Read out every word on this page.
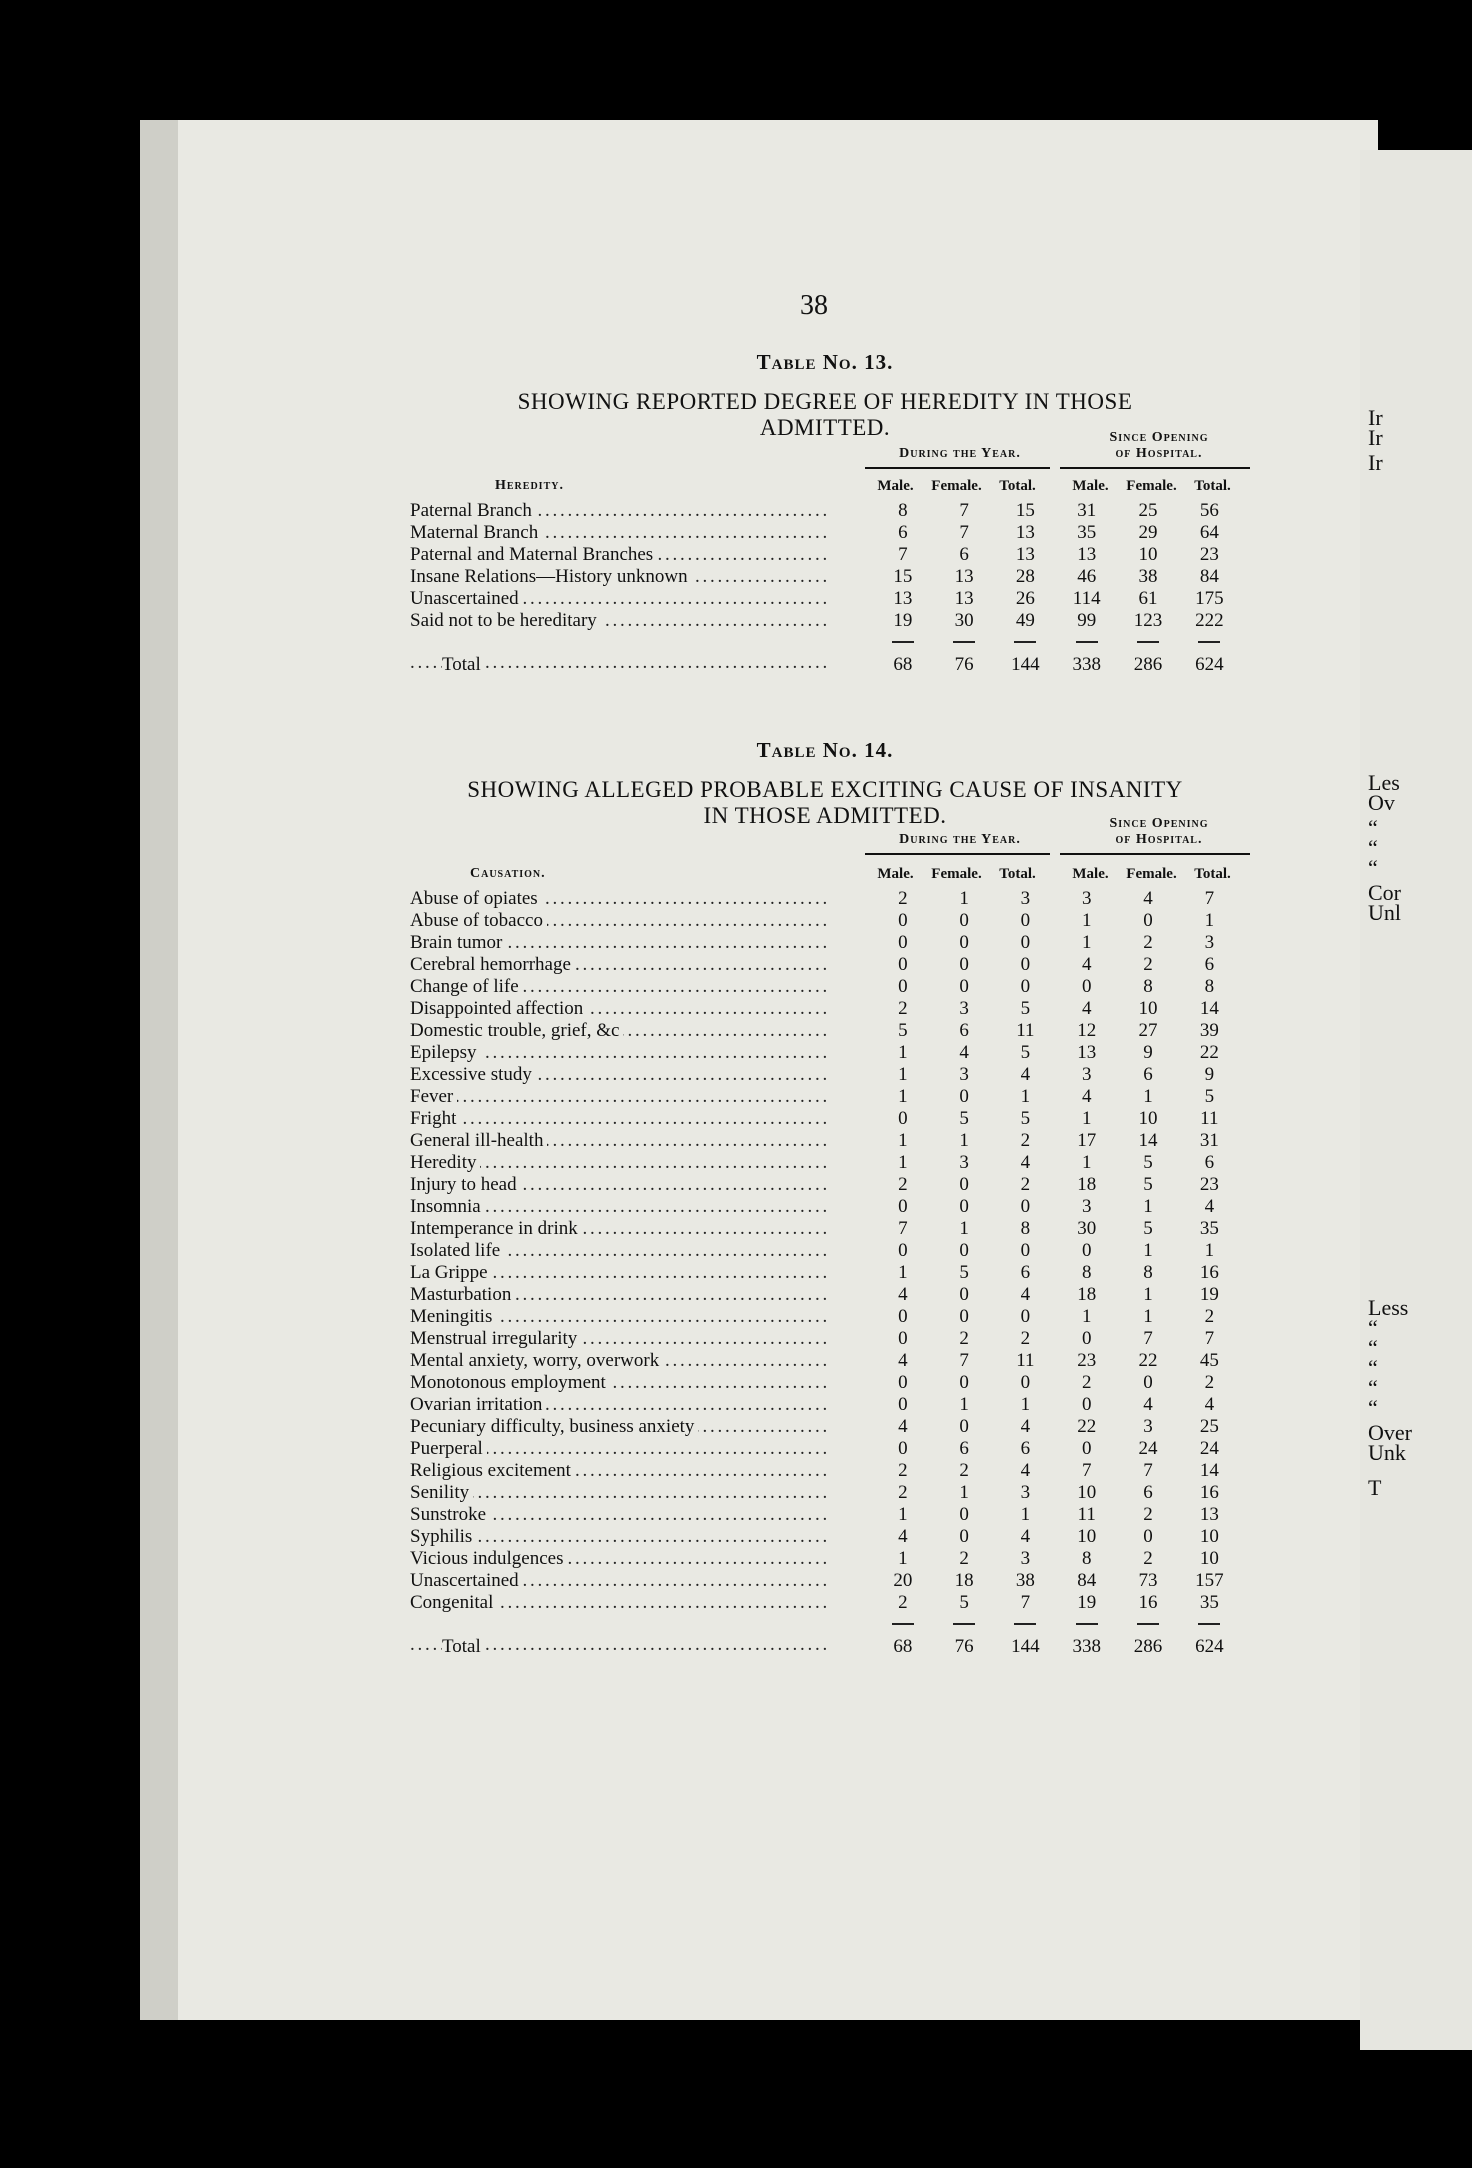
Ir
Ir
Ir
Les
Ov
“
“
“
Cor
Unl
Less
“
“
“
“
“
Over
Unk
T
38
Table No. 13.
SHOWING REPORTED DEGREE OF HEREDITY IN THOSE
ADMITTED.	Since Opening
of Hospital.
During the Year.
Heredity.	Male.	Female.	Total.	Male.	Female.	Total.
Paternal Branch . . .	8	7	15	31	25	56
Maternal Branch . . .	6	7	13	35	29	64
Paternal and Maternal Branches . . .	7	6	13	13	10	23
Insane Relations—History unknown . . .	15	13	28	46	38	84
Unascertained . . .	13	13	26	114	61	175
Said not to be hereditary . . .	19	30	49	99	123	222

Total . . .	68	76	144	338	286	624
Table No. 14.
SHOWING ALLEGED PROBABLE EXCITING CAUSE OF INSANITY
IN THOSE ADMITTED.	Since Opening
of Hospital.
During the Year.
Causation.	Male.	Female.	Total.	Male.	Female.	Total.
Abuse of opiates . . .	2	1	3	3	4	7
Abuse of tobacco . . .	0	0	0	1	0	1
Brain tumor . . .	0	0	0	1	2	3
Cerebral hemorrhage . . .	0	0	0	4	2	6
Change of life . . .	0	0	0	0	8	8
Disappointed affection . . .	2	3	5	4	10	14
Domestic trouble, grief, &c . . .	5	6	11	12	27	39
Epilepsy . . .	1	4	5	13	9	22
Excessive study . . .	1	3	4	3	6	9
Fever . . .	1	0	1	4	1	5
Fright . . .	0	5	5	1	10	11
General ill-health . . .	1	1	2	17	14	31
Heredity . . .	1	3	4	1	5	6
Injury to head . . .	2	0	2	18	5	23
Insomnia . . .	0	0	0	3	1	4
Intemperance in drink . . .	7	1	8	30	5	35
Isolated life . . .	0	0	0	0	1	1
La Grippe . . .	1	5	6	8	8	16
Masturbation . . .	4	0	4	18	1	19
Meningitis . . .	0	0	0	1	1	2
Menstrual irregularity . . .	0	2	2	0	7	7
Mental anxiety, worry, overwork . . .	4	7	11	23	22	45
Monotonous employment . . .	0	0	0	2	0	2
Ovarian irritation . . .	0	1	1	0	4	4
Pecuniary difficulty, business anxiety . . .	4	0	4	22	3	25
Puerperal . . .	0	6	6	0	24	24
Religious excitement . . .	2	2	4	7	7	14
Senility . . .	2	1	3	10	6	16
Sunstroke . . .	1	0	1	11	2	13
Syphilis . . .	4	0	4	10	0	10
Vicious indulgences . . .	1	2	3	8	2	10
Unascertained . . .	20	18	38	84	73	157
Congenital . . .	2	5	7	19	16	35

Total . . .	68	76	144	338	286	624
